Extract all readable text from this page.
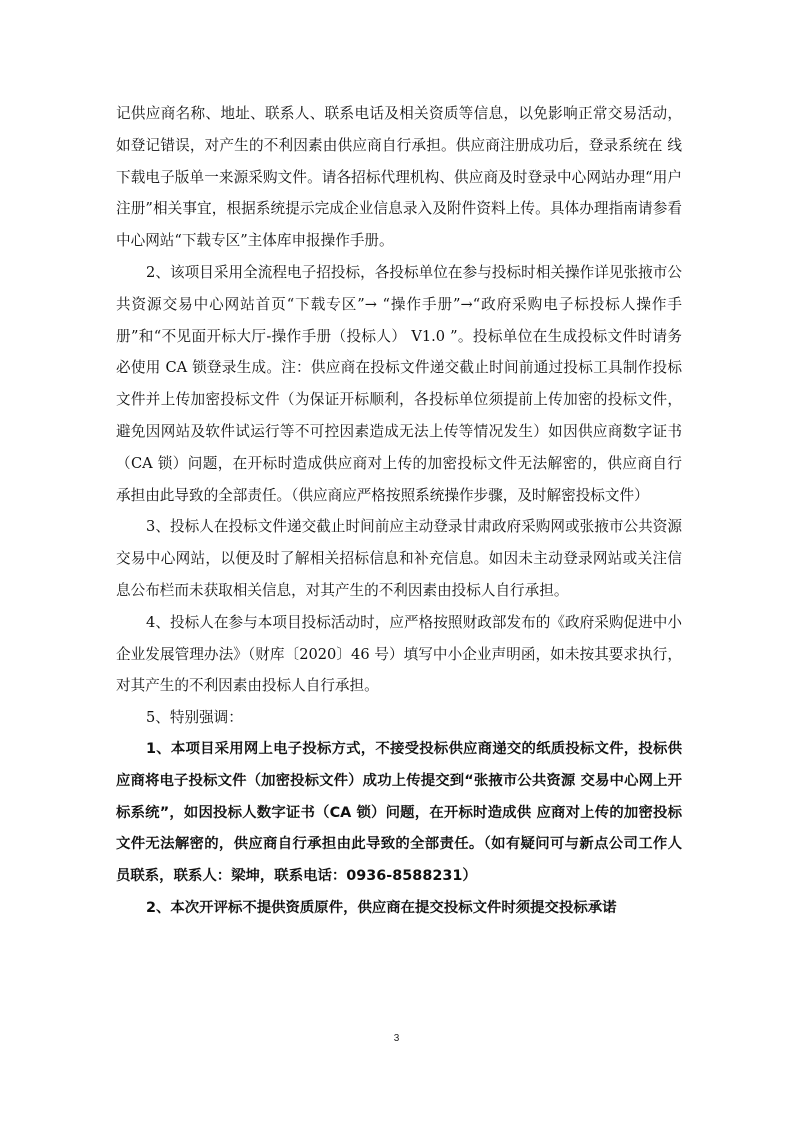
记供应商名称、地址、联系人、联系电话及相关资质等信息，以免影响正常交易活动，如登记错误，对产生的不利因素由供应商自行承担。供应商注册成功后，登录系统在 线下载电子版单一来源采购文件。请各招标代理机构、供应商及时登录中心网站办理“用户注册”相关事宜，根据系统提示完成企业信息录入及附件资料上传。具体办理指南请参看中心网站“下载专区”主体库申报操作手册。

2、该项目采用全流程电子招投标，各投标单位在参与投标时相关操作详见张掖市公共资源交易中心网站首页“下载专区”→ “操作手册”→“政府采购电子标投标人操作手册”和“不见面开标大厅-操作手册（投标人） V1.0 ”。投标单位在生成投标文件时请务必使用 CA 锁登录生成。注：供应商在投标文件递交截止时间前通过投标工具制作投标文件并上传加密投标文件（为保证开标顺利，各投标单位须提前上传加密的投标文件， 避免因网站及软件试运行等不可控因素造成无法上传等情况发生）如因供应商数字证书（CA 锁）问题，在开标时造成供应商对上传的加密投标文件无法解密的，供应商自行承担由此导致的全部责任。（供应商应严格按照系统操作步骤，及时解密投标文件）

3、投标人在投标文件递交截止时间前应主动登录甘肃政府采购网或张掖市公共资源交易中心网站，以便及时了解相关招标信息和补充信息。如因未主动登录网站或关注信息公布栏而未获取相关信息，对其产生的不利因素由投标人自行承担。

4、投标人在参与本项目投标活动时，应严格按照财政部发布的《政府采购促进中小企业发展管理办法》（财库〔2020〕46 号）填写中小企业声明函，如未按其要求执行，对其产生的不利因素由投标人自行承担。

5、特别强调：

1、本项目采用网上电子投标方式，不接受投标供应商递交的纸质投标文件，投标供应商将电子投标文件（加密投标文件）成功上传提交到“张掖市公共资源 交易中心网上开标系统”，如因投标人数字证书（CA 锁）问题，在开标时造成供 应商对上传的加密投标文件无法解密的，供应商自行承担由此导致的全部责任。（如有疑问可与新点公司工作人员联系，联系人：梁坤，联系电话：0936-8588231）

2、本次开评标不提供资质原件，供应商在提交投标文件时须提交投标承诺

3
